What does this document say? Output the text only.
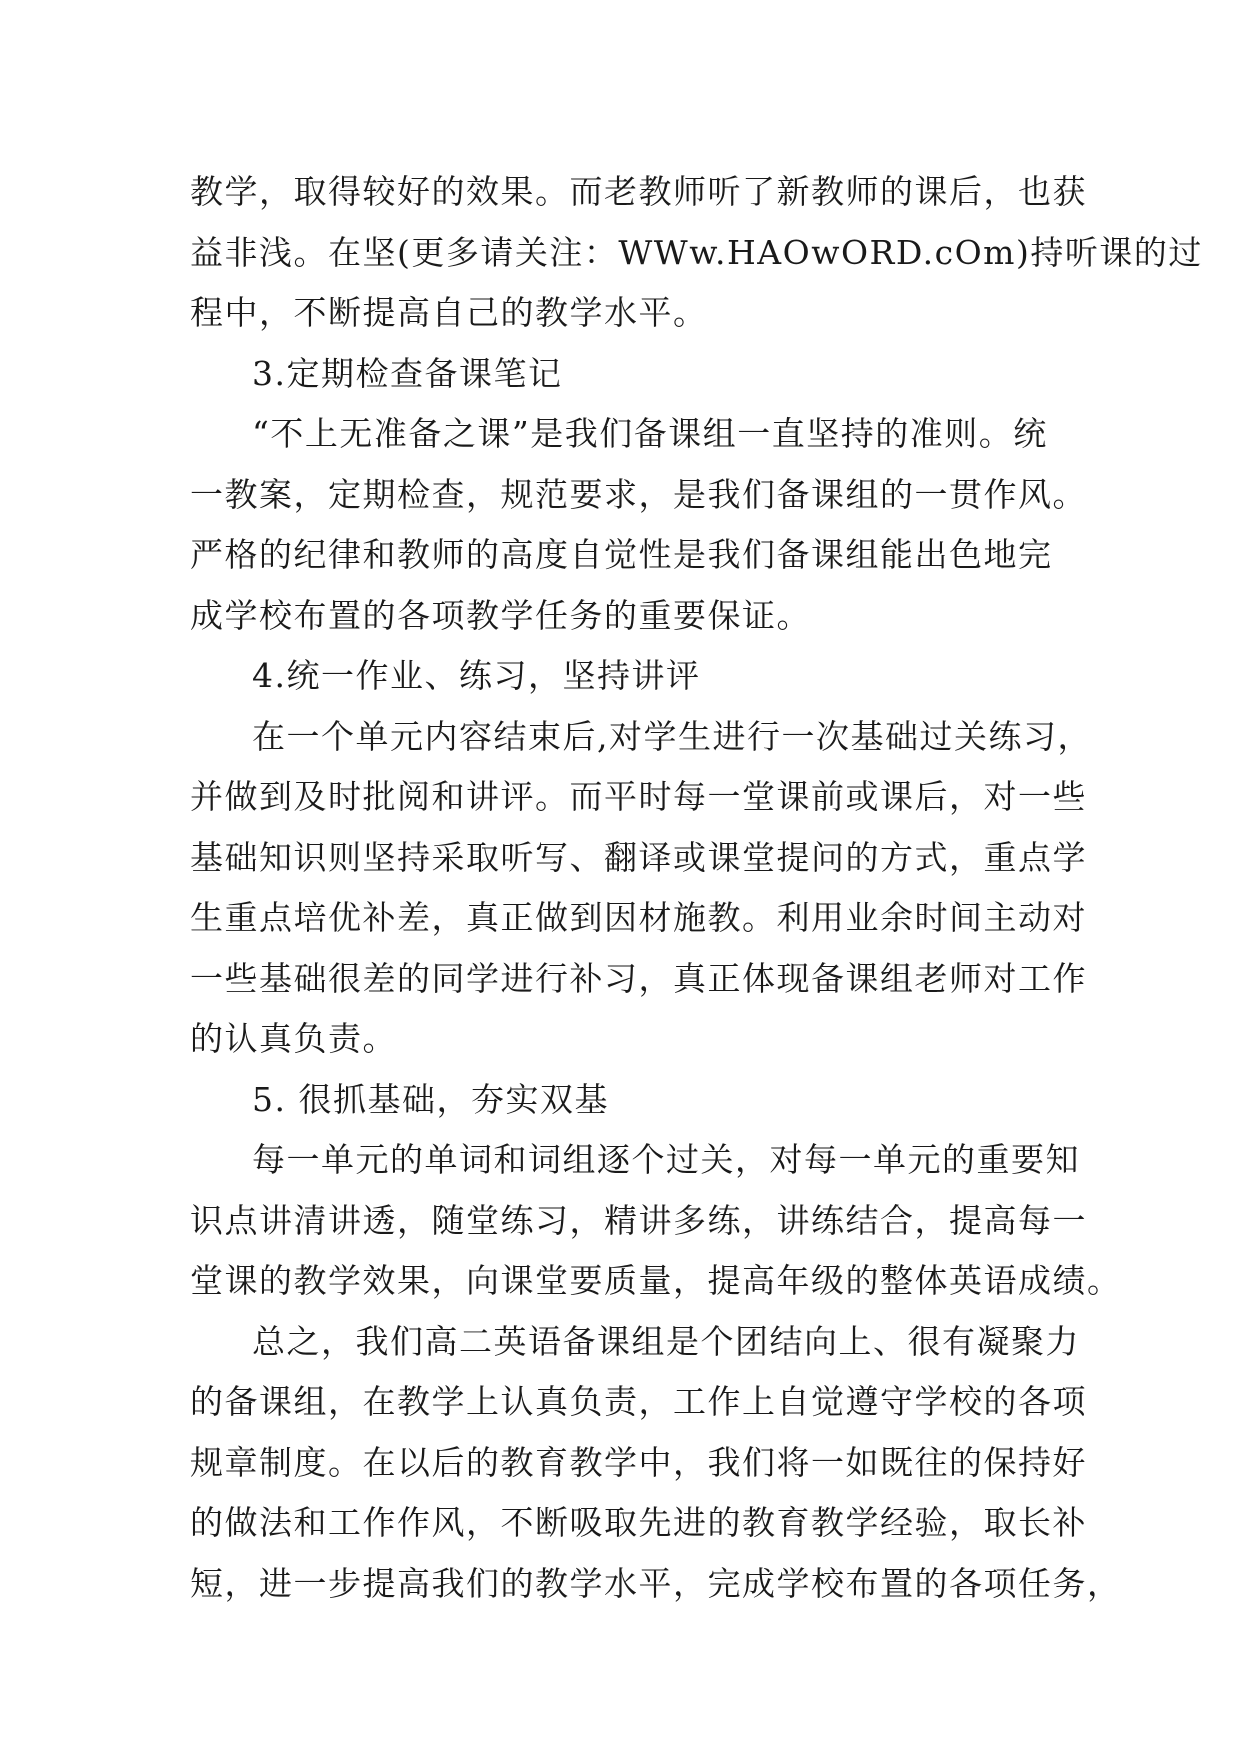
教学，取得较好的效果。而老教师听了新教师的课后，也获
益非浅。在坚(更多请关注：WWw.HAOwORD.cOm)持听课的过
程中，不断提高自己的教学水平。
3.定期检查备课笔记
“不上无准备之课”是我们备课组一直坚持的准则。统
一教案，定期检查，规范要求，是我们备课组的一贯作风。
严格的纪律和教师的高度自觉性是我们备课组能出色地完
成学校布置的各项教学任务的重要保证。
4.统一作业、练习，坚持讲评
在一个单元内容结束后,对学生进行一次基础过关练习，
并做到及时批阅和讲评。而平时每一堂课前或课后，对一些
基础知识则坚持采取听写、翻译或课堂提问的方式，重点学
生重点培优补差，真正做到因材施教。利用业余时间主动对
一些基础很差的同学进行补习，真正体现备课组老师对工作
的认真负责。
5. 很抓基础，夯实双基
每一单元的单词和词组逐个过关，对每一单元的重要知
识点讲清讲透，随堂练习，精讲多练，讲练结合，提高每一
堂课的教学效果，向课堂要质量，提高年级的整体英语成绩。
总之，我们高二英语备课组是个团结向上、很有凝聚力
的备课组，在教学上认真负责，工作上自觉遵守学校的各项
规章制度。在以后的教育教学中，我们将一如既往的保持好
的做法和工作作风，不断吸取先进的教育教学经验，取长补
短，进一步提高我们的教学水平，完成学校布置的各项任务，
